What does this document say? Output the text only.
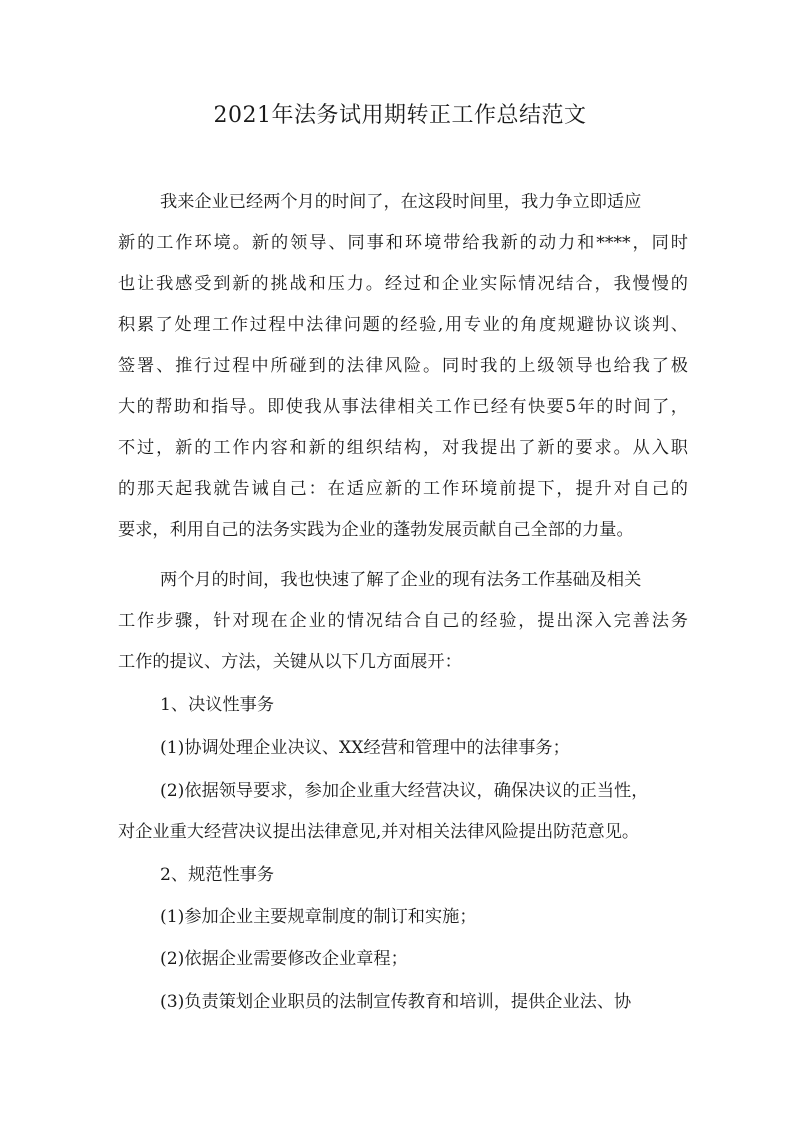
2021年法务试用期转正工作总结范文
我来企业已经两个月的时间了，在这段时间里，我力争立即适应
新的工作环境。新的领导、同事和环境带给我新的动力和****，同时
也让我感受到新的挑战和压力。经过和企业实际情况结合，我慢慢的
积累了处理工作过程中法律问题的经验,用专业的角度规避协议谈判、
签署、推行过程中所碰到的法律风险。同时我的上级领导也给我了极
大的帮助和指导。即使我从事法律相关工作已经有快要5年的时间了，
不过，新的工作内容和新的组织结构，对我提出了新的要求。从入职
的那天起我就告诫自己：在适应新的工作环境前提下，提升对自己的
要求，利用自己的法务实践为企业的蓬勃发展贡献自己全部的力量。
两个月的时间，我也快速了解了企业的现有法务工作基础及相关
工作步骤，针对现在企业的情况结合自己的经验，提出深入完善法务
工作的提议、方法，关键从以下几方面展开：
1、决议性事务
(1)协调处理企业决议、XX经营和管理中的法律事务；
(2)依据领导要求，参加企业重大经营决议，确保决议的正当性，
对企业重大经营决议提出法律意见,并对相关法律风险提出防范意见。
2、规范性事务
(1)参加企业主要规章制度的制订和实施；
(2)依据企业需要修改企业章程；
(3)负责策划企业职员的法制宣传教育和培训，提供企业法、协
